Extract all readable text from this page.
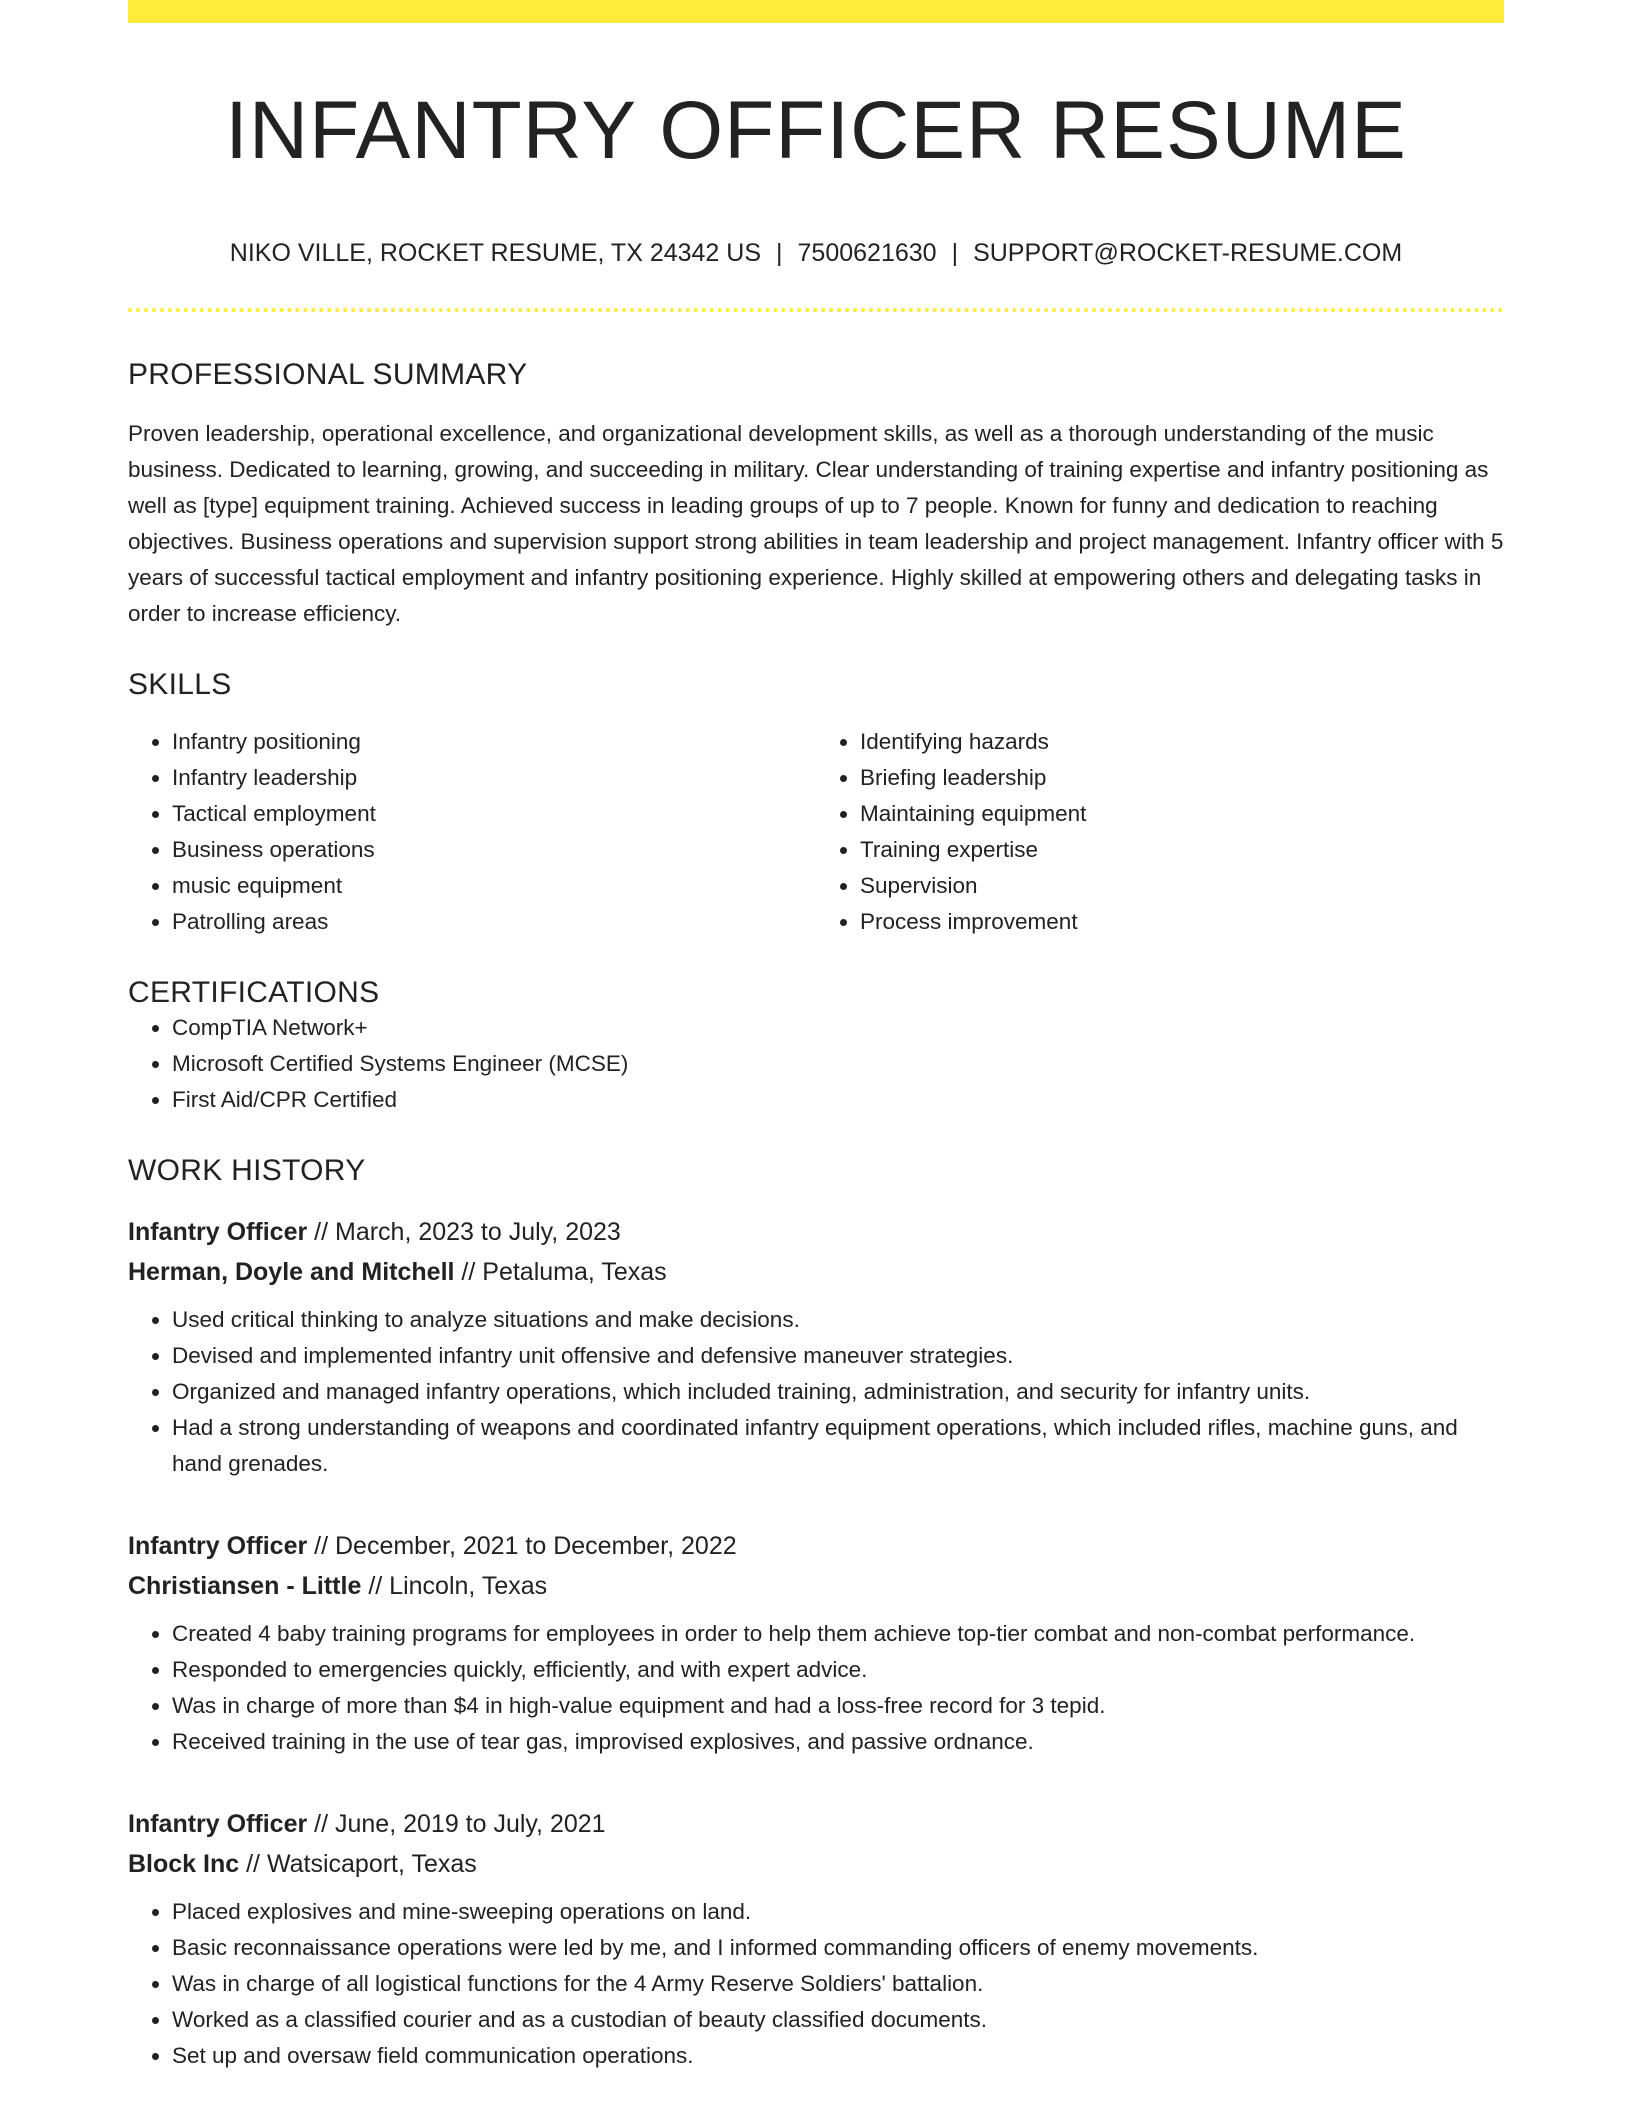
INFANTRY OFFICER RESUME
NIKO VILLE, ROCKET RESUME, TX 24342 US | 7500621630 | SUPPORT@ROCKET-RESUME.COM
PROFESSIONAL SUMMARY

Proven leadership, operational excellence, and organizational development skills, as well as a thorough understanding of the music business. Dedicated to learning, growing, and succeeding in military. Clear understanding of training expertise and infantry positioning as well as [type] equipment training. Achieved success in leading groups of up to 7 people. Known for funny and dedication to reaching objectives. Business operations and supervision support strong abilities in team leadership and project management. Infantry officer with 5 years of successful tactical employment and infantry positioning experience. Highly skilled at empowering others and delegating tasks in order to increase efficiency.

SKILLS
• Infantry positioning
• Infantry leadership
• Tactical employment
• Business operations
• music equipment
• Patrolling areas
• Identifying hazards
• Briefing leadership
• Maintaining equipment
• Training expertise
• Supervision
• Process improvement
CERTIFICATIONS
• CompTIA Network+
• Microsoft Certified Systems Engineer (MCSE)
• First Aid/CPR Certified
WORK HISTORY
Infantry Officer // March, 2023 to July, 2023
Herman, Doyle and Mitchell // Petaluma, Texas
• Used critical thinking to analyze situations and make decisions.
• Devised and implemented infantry unit offensive and defensive maneuver strategies.
• Organized and managed infantry operations, which included training, administration, and security for infantry units.
• Had a strong understanding of weapons and coordinated infantry equipment operations, which included rifles, machine guns, and hand grenades.
Infantry Officer // December, 2021 to December, 2022
Christiansen - Little // Lincoln, Texas
• Created 4 baby training programs for employees in order to help them achieve top-tier combat and non-combat performance.
• Responded to emergencies quickly, efficiently, and with expert advice.
• Was in charge of more than $4 in high-value equipment and had a loss-free record for 3 tepid.
• Received training in the use of tear gas, improvised explosives, and passive ordnance.
Infantry Officer // June, 2019 to July, 2021
Block Inc // Watsicaport, Texas
• Placed explosives and mine-sweeping operations on land.
• Basic reconnaissance operations were led by me, and I informed commanding officers of enemy movements.
• Was in charge of all logistical functions for the 4 Army Reserve Soldiers' battalion.
• Worked as a classified courier and as a custodian of beauty classified documents.
• Set up and oversaw field communication operations.
